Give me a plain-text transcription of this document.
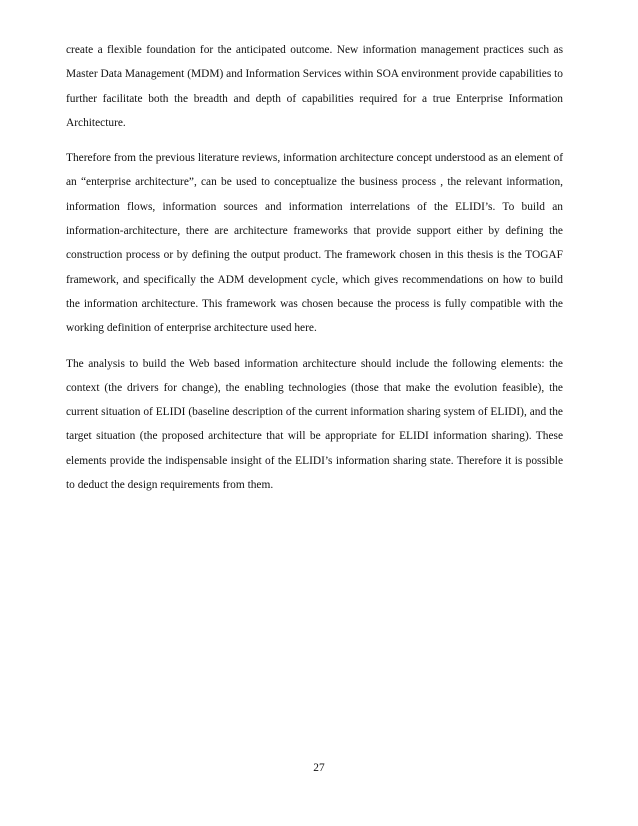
create a flexible foundation for the anticipated outcome. New information management practices such as Master Data Management (MDM) and Information Services within SOA environment provide capabilities to further facilitate both the breadth and depth of capabilities required for a true Enterprise Information Architecture.

Therefore from the previous literature reviews, information architecture concept understood as an element of an “enterprise architecture”, can be used to conceptualize the business process , the relevant information, information flows, information sources and information interrelations of the ELIDI’s. To build an information-architecture, there are architecture frameworks that provide support either by defining the construction process or by defining the output product. The framework chosen in this thesis is the TOGAF framework, and specifically the ADM development cycle, which gives recommendations on how to build the information architecture. This framework was chosen because the process is fully compatible with the working definition of enterprise architecture used here.

The analysis to build the Web based information architecture should include the following elements: the context (the drivers for change), the enabling technologies (those that make the evolution feasible), the current situation of ELIDI (baseline description of the current information sharing system of ELIDI), and the target situation (the proposed architecture that will be appropriate for ELIDI information sharing). These elements provide the indispensable insight of the ELIDI’s information sharing state. Therefore it is possible to deduct the design requirements from them.

27
